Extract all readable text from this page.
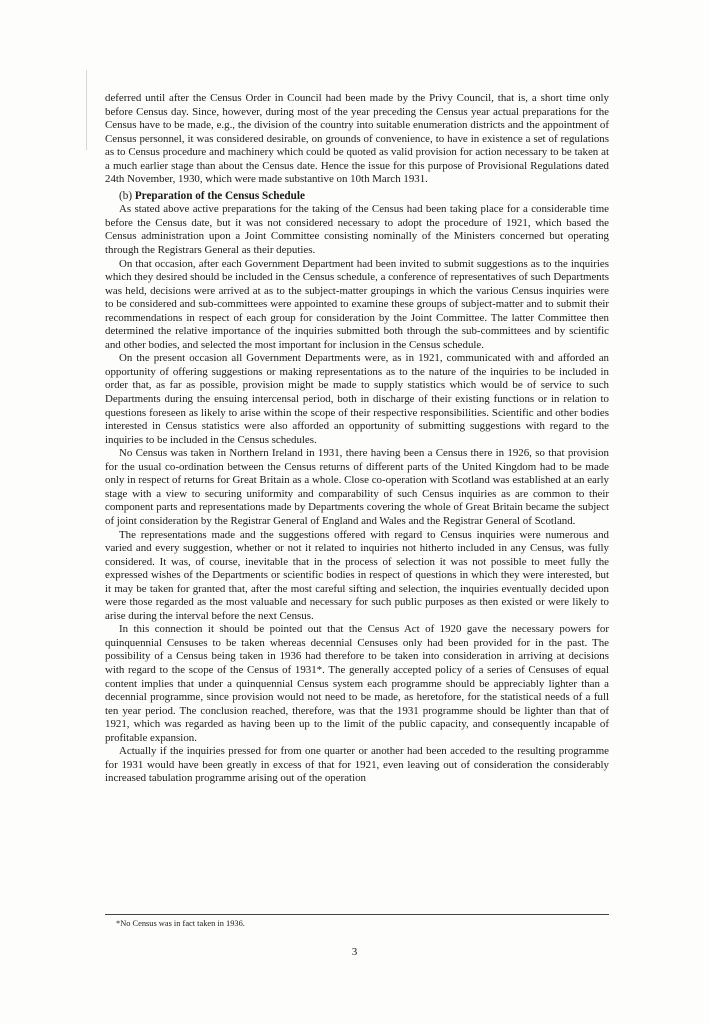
deferred until after the Census Order in Council had been made by the Privy Council, that is, a short time only before Census day. Since, however, during most of the year preceding the Census year actual preparations for the Census have to be made, e.g., the division of the country into suitable enumeration districts and the appointment of Census personnel, it was considered desirable, on grounds of convenience, to have in existence a set of regulations as to Census procedure and machinery which could be quoted as valid provision for action necessary to be taken at a much earlier stage than about the Census date. Hence the issue for this purpose of Provisional Regulations dated 24th November, 1930, which were made substantive on 10th March 1931.

(b) Preparation of the Census Schedule

As stated above active preparations for the taking of the Census had been taking place for a considerable time before the Census date, but it was not considered necessary to adopt the procedure of 1921, which based the Census administration upon a Joint Committee consisting nominally of the Ministers concerned but operating through the Registrars General as their deputies.

On that occasion, after each Government Department had been invited to submit suggestions as to the inquiries which they desired should be included in the Census schedule, a conference of representatives of such Departments was held, decisions were arrived at as to the subject-matter groupings in which the various Census inquiries were to be considered and sub-committees were appointed to examine these groups of subject-matter and to submit their recommendations in respect of each group for consideration by the Joint Committee. The latter Committee then determined the relative importance of the inquiries submitted both through the sub-committees and by scientific and other bodies, and selected the most important for inclusion in the Census schedule.

On the present occasion all Government Departments were, as in 1921, communicated with and afforded an opportunity of offering suggestions or making representations as to the nature of the inquiries to be included in order that, as far as possible, provision might be made to supply statistics which would be of service to such Departments during the ensuing intercensal period, both in discharge of their existing functions or in relation to questions foreseen as likely to arise within the scope of their respective responsibilities. Scientific and other bodies interested in Census statistics were also afforded an opportunity of submitting suggestions with regard to the inquiries to be included in the Census schedules.

No Census was taken in Northern Ireland in 1931, there having been a Census there in 1926, so that provision for the usual co-ordination between the Census returns of different parts of the United Kingdom had to be made only in respect of returns for Great Britain as a whole. Close co-operation with Scotland was established at an early stage with a view to securing uniformity and comparability of such Census inquiries as are common to their component parts and representations made by Departments covering the whole of Great Britain became the subject of joint consideration by the Registrar General of England and Wales and the Registrar General of Scotland.

The representations made and the suggestions offered with regard to Census inquiries were numerous and varied and every suggestion, whether or not it related to inquiries not hitherto included in any Census, was fully considered. It was, of course, inevitable that in the process of selection it was not possible to meet fully the expressed wishes of the Departments or scientific bodies in respect of questions in which they were interested, but it may be taken for granted that, after the most careful sifting and selection, the inquiries eventually decided upon were those regarded as the most valuable and necessary for such public purposes as then existed or were likely to arise during the interval before the next Census.

In this connection it should be pointed out that the Census Act of 1920 gave the necessary powers for quinquennial Censuses to be taken whereas decennial Censuses only had been provided for in the past. The possibility of a Census being taken in 1936 had therefore to be taken into consideration in arriving at decisions with regard to the scope of the Census of 1931*. The generally accepted policy of a series of Censuses of equal content implies that under a quinquennial Census system each programme should be appreciably lighter than a decennial programme, since provision would not need to be made, as heretofore, for the statistical needs of a full ten year period. The conclusion reached, therefore, was that the 1931 programme should be lighter than that of 1921, which was regarded as having been up to the limit of the public capacity, and consequently incapable of profitable expansion.

Actually if the inquiries pressed for from one quarter or another had been acceded to the resulting programme for 1931 would have been greatly in excess of that for 1921, even leaving out of consideration the considerably increased tabulation programme arising out of the operation

*No Census was in fact taken in 1936.
3
